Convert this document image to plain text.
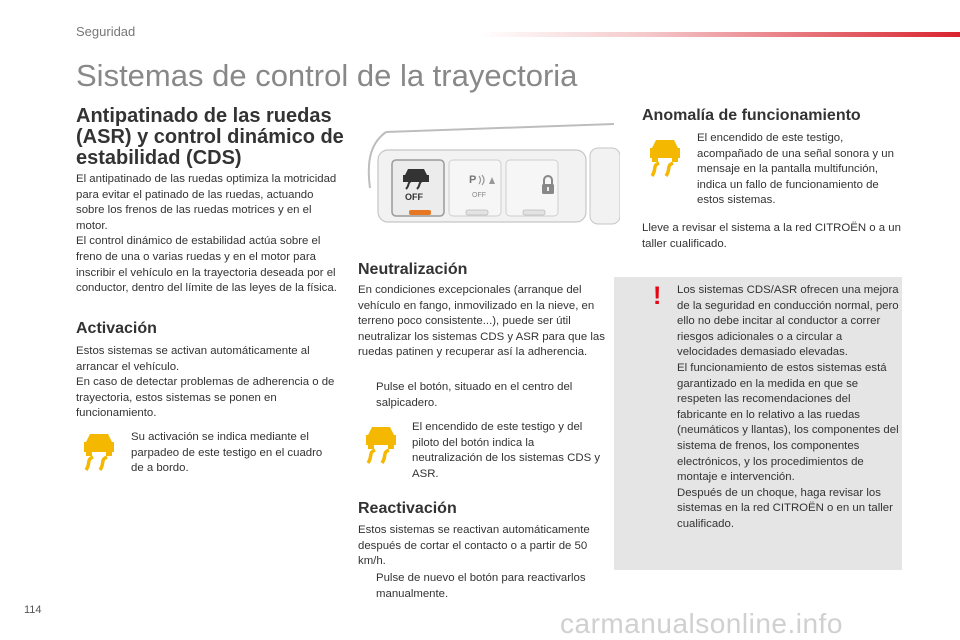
Seguridad
Sistemas de control de la trayectoria
Antipatinado de las ruedas (ASR) y control dinámico de estabilidad (CDS)

El antipatinado de las ruedas optimiza la motricidad para evitar el patinado de las ruedas, actuando sobre los frenos de las ruedas motrices y en el motor.

El control dinámico de estabilidad actúa sobre el freno de una o varias ruedas y en el motor para inscribir el vehículo en la trayectoria deseada por el conductor, dentro del límite de las leyes de la física.

Activación

Estos sistemas se activan automáticamente al arrancar el vehículo.

En caso de detectar problemas de adherencia o de trayectoria, estos sistemas se ponen en funcionamiento.

Su activación se indica mediante el parpadeo de este testigo en el cuadro de a bordo.

OFF
P
OFF
Neutralización

En condiciones excepcionales (arranque del vehículo en fango, inmovilizado en la nieve, en terreno poco consistente...), puede ser útil neutralizar los sistemas CDS y ASR para que las ruedas patinen y recuperar así la adherencia.

Pulse el botón, situado en el centro del salpicadero.

El encendido de este testigo y del piloto del botón indica la neutralización de los sistemas CDS y ASR.

Reactivación

Estos sistemas se reactivan automáticamente después de cortar el contacto o a partir de 50 km/h.

Pulse de nuevo el botón para reactivarlos manualmente.
Anomalía de funcionamiento

El encendido de este testigo, acompañado de una señal sonora y un mensaje en la pantalla multifunción, indica un fallo de funcionamiento de estos sistemas.

Lleve a revisar el sistema a la red CITROËN o a un taller cualificado.

! Los sistemas CDS/ASR ofrecen una mejora de la seguridad en conducción normal, pero ello no debe incitar al conductor a correr riesgos adicionales o a circular a velocidades demasiado elevadas.

El funcionamiento de estos sistemas está garantizado en la medida en que se respeten las recomendaciones del fabricante en lo relativo a las ruedas (neumáticos y llantas), los componentes del sistema de frenos, los componentes electrónicos, y los procedimientos de montaje e intervención.

Después de un choque, haga revisar los sistemas en la red CITROËN o en un taller cualificado.

114	carmanualsonline.info
